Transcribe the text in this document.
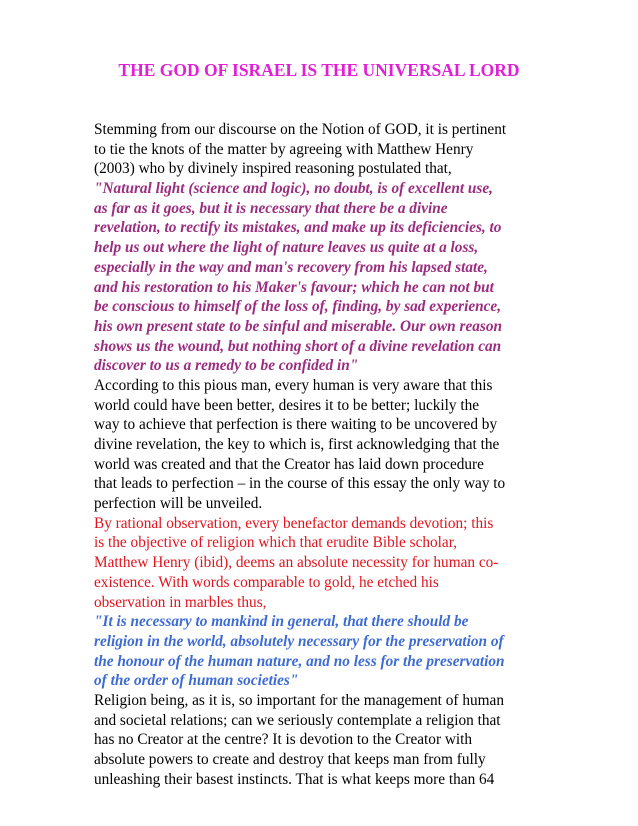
THE GOD OF ISRAEL IS THE UNIVERSAL LORD
Stemming from our discourse on the Notion of GOD, it is pertinent
to tie the knots of the matter by agreeing with Matthew Henry
(2003) who by divinely inspired reasoning postulated that,
"Natural light (science and logic), no doubt, is of excellent use,
as far as it goes, but it is necessary that there be a divine
revelation, to rectify its mistakes, and make up its deficiencies, to
help us out where the light of nature leaves us quite at a loss,
especially in the way and man's recovery from his lapsed state,
and his restoration to his Maker's favour; which he can not but
be conscious to himself of the loss of, finding, by sad experience,
his own present state to be sinful and miserable. Our own reason
shows us the wound, but nothing short of a divine revelation can
discover to us a remedy to be confided in"
According to this pious man, every human is very aware that this
world could have been better, desires it to be better; luckily the
way to achieve that perfection is there waiting to be uncovered by
divine revelation, the key to which is, first acknowledging that the
world was created and that the Creator has laid down procedure
that leads to perfection – in the course of this essay the only way to
perfection will be unveiled.
By rational observation, every benefactor demands devotion; this
is the objective of religion which that erudite Bible scholar,
Matthew Henry (ibid), deems an absolute necessity for human co-
existence. With words comparable to gold, he etched his
observation in marbles thus,
"It is necessary to mankind in general, that there should be
religion in the world, absolutely necessary for the preservation of
the honour of the human nature, and no less for the preservation
of the order of human societies"
Religion being, as it is, so important for the management of human
and societal relations; can we seriously contemplate a religion that
has no Creator at the centre? It is devotion to the Creator with
absolute powers to create and destroy that keeps man from fully
unleashing their basest instincts. That is what keeps more than 64
